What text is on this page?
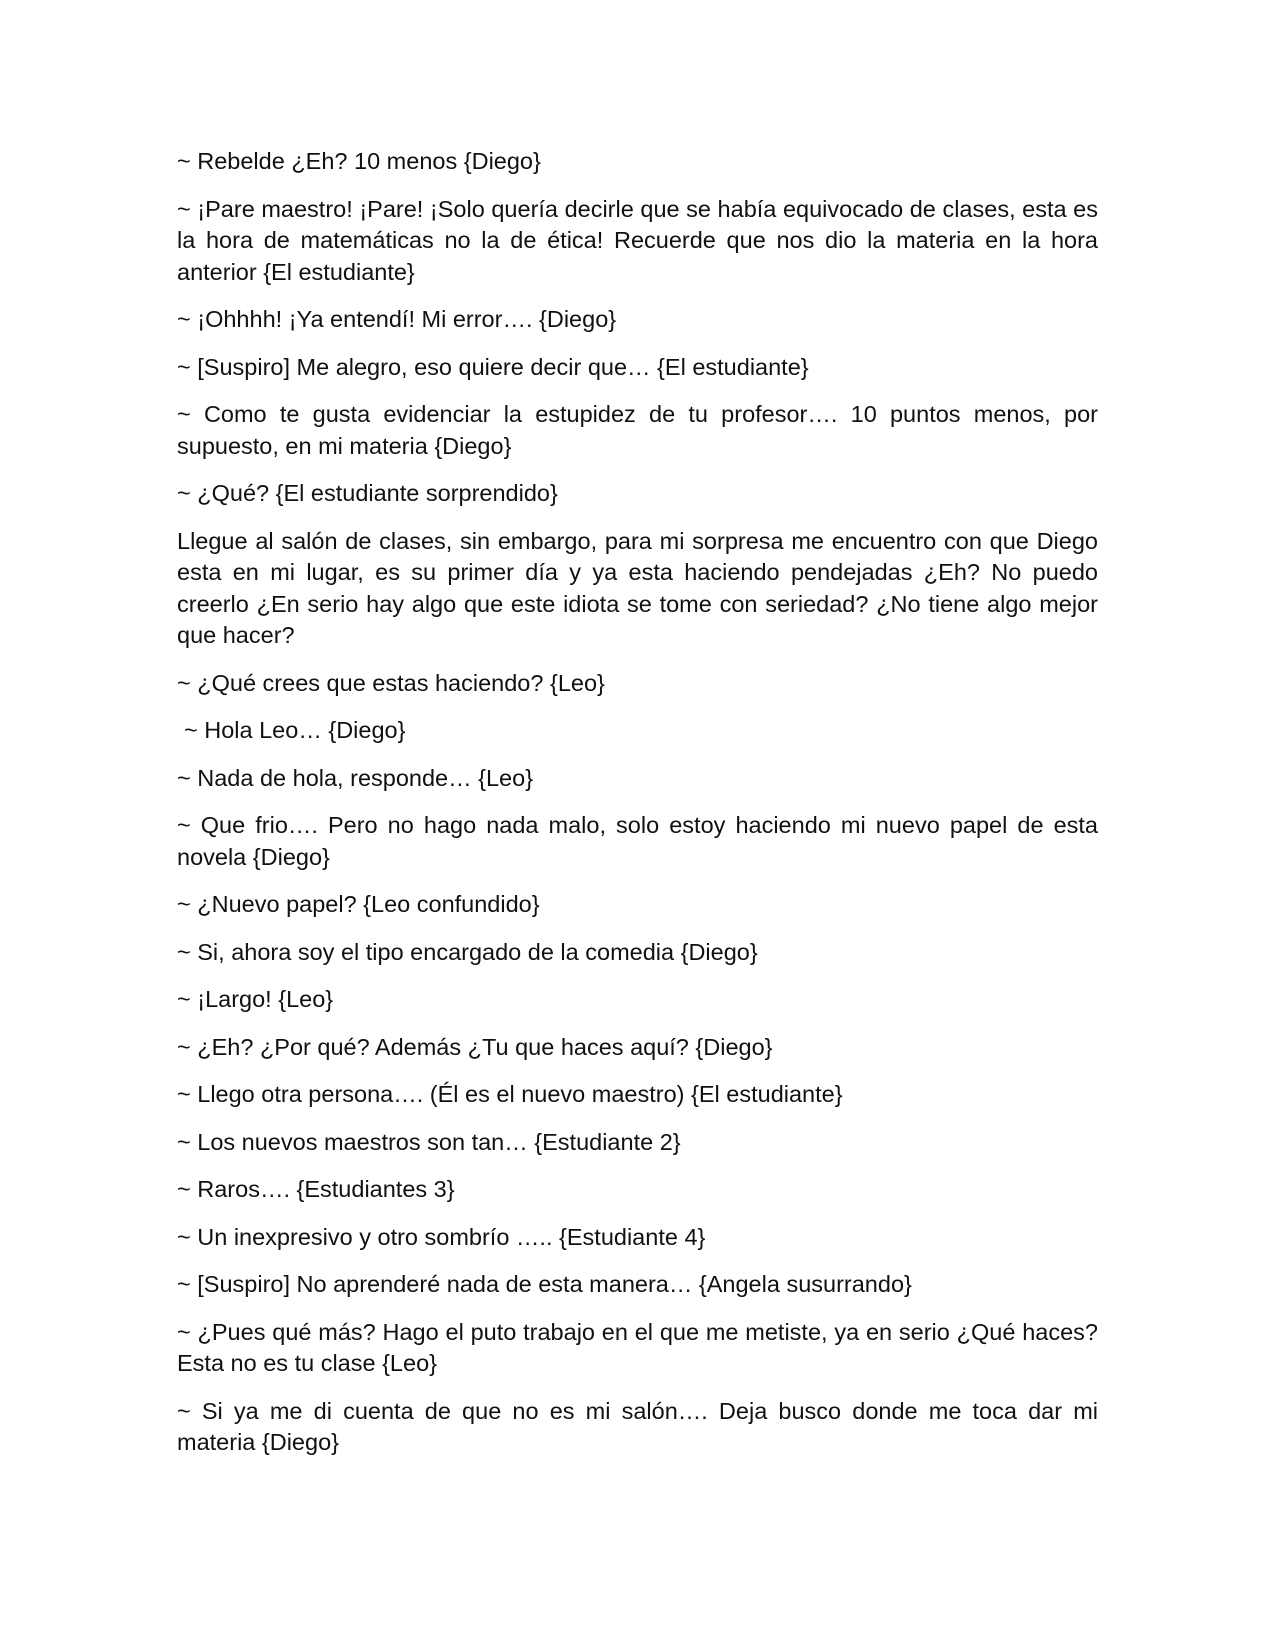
~ Rebelde ¿Eh? 10 menos {Diego}

~ ¡Pare maestro! ¡Pare! ¡Solo quería decirle que se había equivocado de clases, esta es la hora de matemáticas no la de ética! Recuerde que nos dio la materia en la hora anterior {El estudiante}

~ ¡Ohhhh! ¡Ya entendí! Mi error…. {Diego}

~ [Suspiro] Me alegro, eso quiere decir que… {El estudiante}

~ Como te gusta evidenciar la estupidez de tu profesor…. 10 puntos menos, por supuesto, en mi materia {Diego}

~ ¿Qué? {El estudiante sorprendido}

Llegue al salón de clases, sin embargo, para mi sorpresa me encuentro con que Diego esta en mi lugar, es su primer día y ya esta haciendo pendejadas ¿Eh? No puedo creerlo ¿En serio hay algo que este idiota se tome con seriedad? ¿No tiene algo mejor que hacer?

~ ¿Qué crees que estas haciendo? {Leo}

~ Hola Leo… {Diego}

~ Nada de hola, responde… {Leo}

~ Que frio…. Pero no hago nada malo, solo estoy haciendo mi nuevo papel de esta novela {Diego}

~ ¿Nuevo papel? {Leo confundido}

~ Si, ahora soy el tipo encargado de la comedia {Diego}

~ ¡Largo! {Leo}

~ ¿Eh? ¿Por qué? Además ¿Tu que haces aquí? {Diego}

~ Llego otra persona…. (Él es el nuevo maestro) {El estudiante}

~ Los nuevos maestros son tan… {Estudiante 2}

~ Raros…. {Estudiantes 3}

~ Un inexpresivo y otro sombrío ….. {Estudiante 4}

~ [Suspiro] No aprenderé nada de esta manera… {Angela susurrando}

~ ¿Pues qué más? Hago el puto trabajo en el que me metiste, ya en serio ¿Qué haces? Esta no es tu clase {Leo}

~ Si ya me di cuenta de que no es mi salón…. Deja busco donde me toca dar mi materia {Diego}
